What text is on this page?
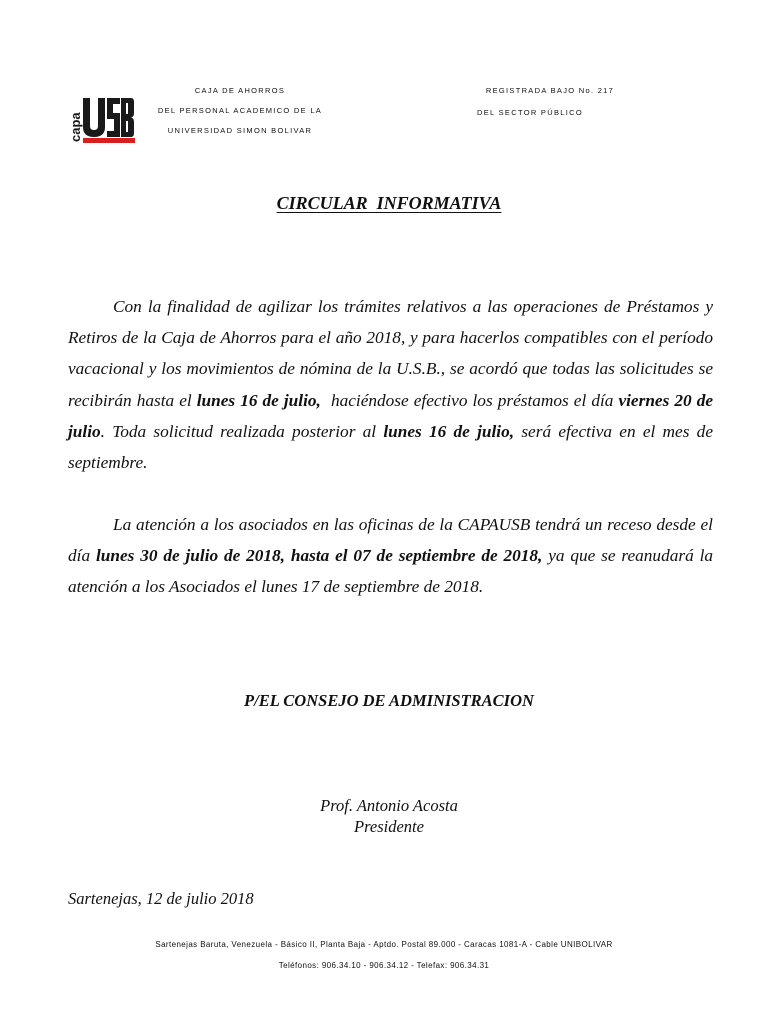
capa
CAJA DE AHORROS
DEL PERSONAL ACADEMICO DE LA
UNIVERSIDAD SIMON BOLIVAR
REGISTRADA BAJO No. 217
DEL SECTOR PÚBLICO
CIRCULAR  INFORMATIVA
Con la finalidad de agilizar los trámites relativos a las operaciones de Préstamos y Retiros de la Caja de Ahorros para el año 2018, y para hacerlos compatibles con el período vacacional y los movimientos de nómina de la U.S.B., se acordó que todas las solicitudes se recibirán hasta el lunes 16 de julio,  haciéndose efectivo los préstamos el día viernes 20 de julio. Toda solicitud realizada posterior al lunes 16 de julio, será efectiva en el mes de septiembre.
La atención a los asociados en las oficinas de la CAPAUSB tendrá un receso desde el día lunes 30 de julio de 2018, hasta el 07 de septiembre de 2018, ya que se reanudará la atención a los Asociados el lunes 17 de septiembre de 2018.
P/EL CONSEJO DE ADMINISTRACION
Prof. Antonio Acosta
Presidente
Sartenejas, 12 de julio 2018
Sartenejas Baruta, Venezuela - Básico II, Planta Baja - Aptdo. Postal 89.000 - Caracas 1081-A - Cable UNIBOLIVAR
Teléfonos: 906.34.10 - 906.34.12 - Telefax: 906.34.31
